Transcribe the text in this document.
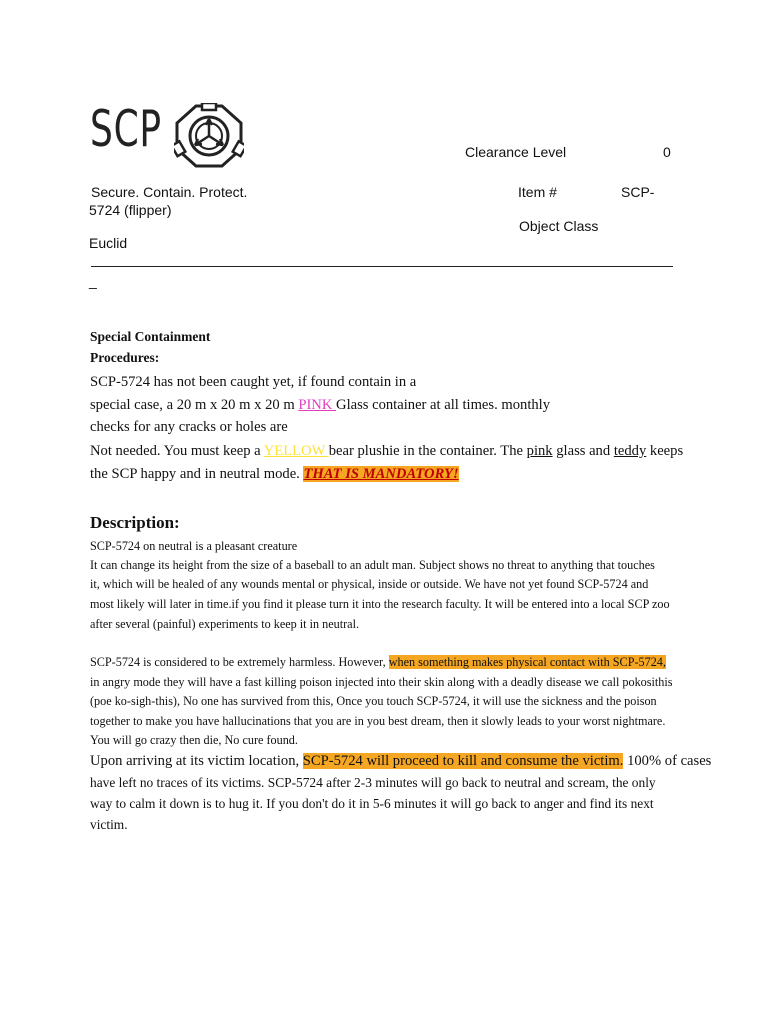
SCP	Clearance Level	0
Secure. Contain. Protect.	Item #	SCP-
5724 (flipper)
Object Class
Euclid
_
Special Containment
Procedures:
SCP-5724 has not been caught yet, if found contain in a
special case, a 20 m x 20 m x 20 m PINK Glass container at all times. monthly
checks for any cracks or holes are
Not needed. You must keep a YELLOW bear plushie in the container. The pink glass and teddy keeps
the SCP happy and in neutral mode. THAT IS MANDATORY!
Description:
SCP-5724 on neutral is a pleasant creature
It can change its height from the size of a baseball to an adult man. Subject shows no threat to anything that touches
it, which will be healed of any wounds mental or physical, inside or outside. We have not yet found SCP-5724 and
most likely will later in time.if you find it please turn it into the research faculty. It will be entered into a local SCP zoo
after several (painful) experiments to keep it in neutral.
SCP-5724 is considered to be extremely harmless. However, when something makes physical contact with SCP-5724,
in angry mode they will have a fast killing poison injected into their skin along with a deadly disease we call pokosithis
(poe ko-sigh-this), No one has survived from this, Once you touch SCP-5724, it will use the sickness and the poison
together to make you have hallucinations that you are in you best dream, then it slowly leads to your worst nightmare.
You will go crazy then die, No cure found.
Upon arriving at its victim location, SCP-5724 will proceed to kill and consume the victim. 100% of cases
have left no traces of its victims. SCP-5724 after 2-3 minutes will go back to neutral and scream, the only
way to calm it down is to hug it. If you don't do it in 5-6 minutes it will go back to anger and find its next
victim.
